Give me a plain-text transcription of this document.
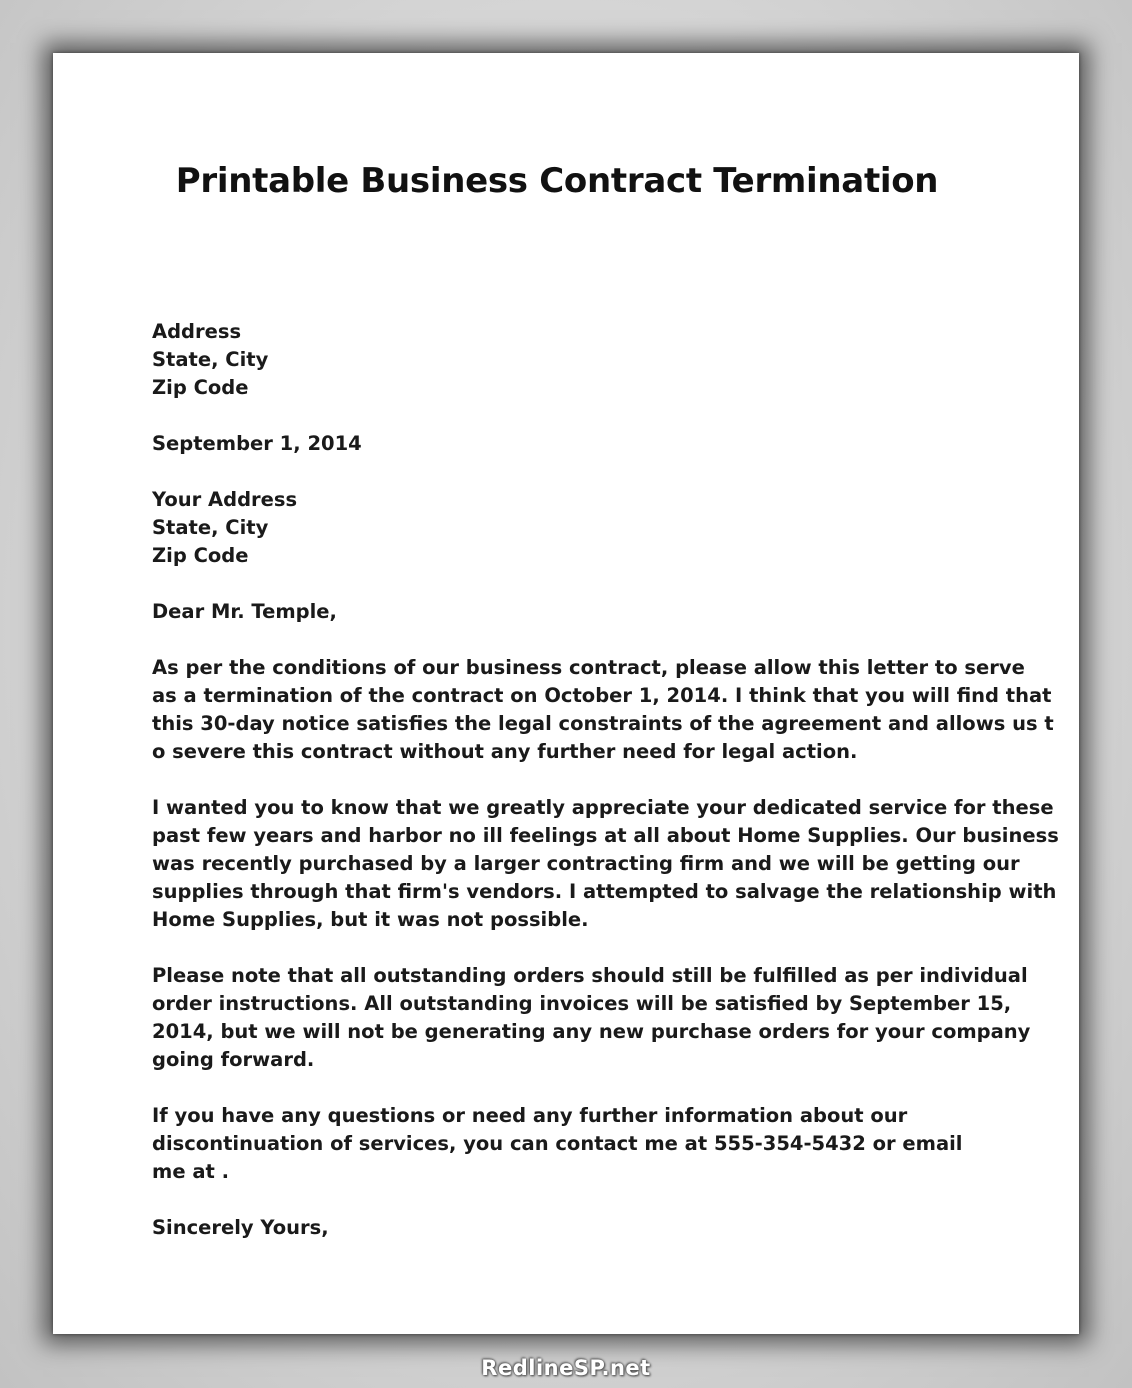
Printable Business Contract Termination
Address
State, City
Zip Code
September 1, 2014
Your Address
State, City
Zip Code
Dear Mr. Temple,
As per the conditions of our business contract, please allow this letter to serve
as a termination of the contract on October 1, 2014. I think that you will find that
this 30-day notice satisfies the legal constraints of the agreement and allows us t
o severe this contract without any further need for legal action.
I wanted you to know that we greatly appreciate your dedicated service for these
past few years and harbor no ill feelings at all about Home Supplies. Our business
was recently purchased by a larger contracting firm and we will be getting our
supplies through that firm's vendors. I attempted to salvage the relationship with
Home Supplies, but it was not possible.
Please note that all outstanding orders should still be fulfilled as per individual
order instructions. All outstanding invoices will be satisfied by September 15,
2014, but we will not be generating any new purchase orders for your company
going forward.
If you have any questions or need any further information about our
discontinuation of services, you can contact me at 555-354-5432 or email
me at .
Sincerely Yours,
RedlineSP.net
